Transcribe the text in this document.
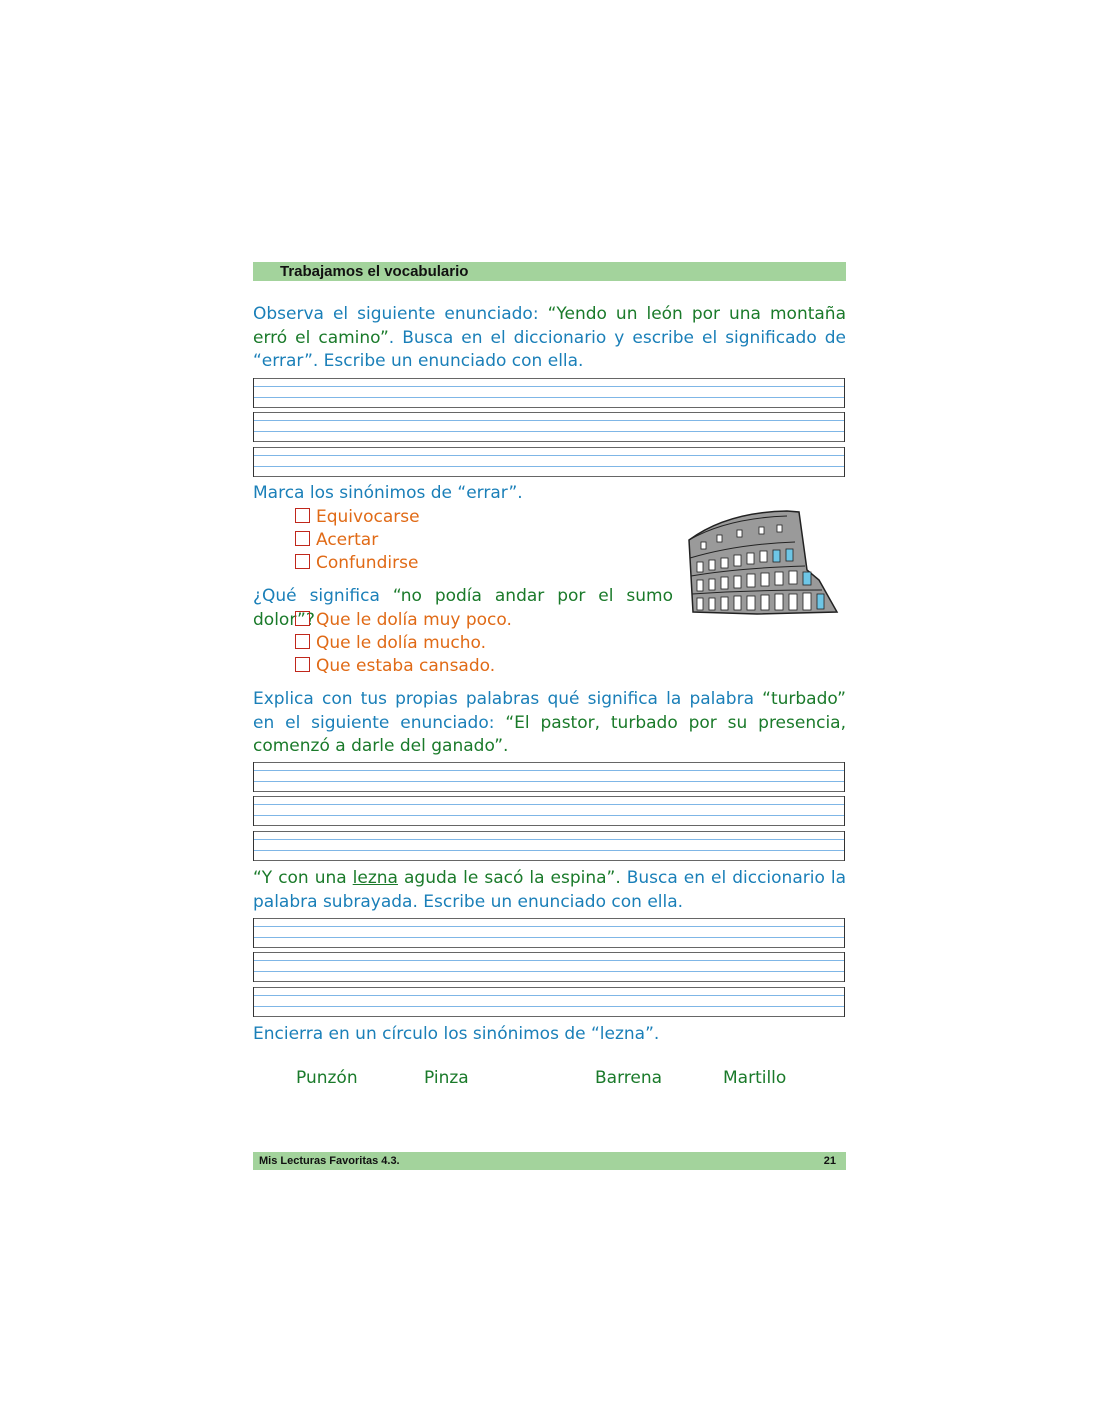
Trabajamos el vocabulario
Observa el siguiente enunciado: “Yendo un león por una montaña erró el camino”. Busca en el diccionario y escribe el significado de “errar”. Escribe un enunciado con ella.
Marca los sinónimos de “errar”.
Equivocarse
Acertar
Confundirse
¿Qué significa “no podía andar por el sumo dolor”? Que le dolía muy poco.
Que le dolía mucho.
Que estaba cansado.
Explica con tus propias palabras qué significa la palabra “turbado” en el siguiente enunciado: “El pastor, turbado por su presencia, comenzó a darle del ganado”.
“Y con una lezna aguda le sacó la espina”. Busca en el diccionario la palabra subrayada. Escribe un enunciado con ella.
Encierra en un círculo los sinónimos de “lezna”.
Punzón	Pinza	Barrena	Martillo
Mis Lecturas Favoritas 4.3.	21
